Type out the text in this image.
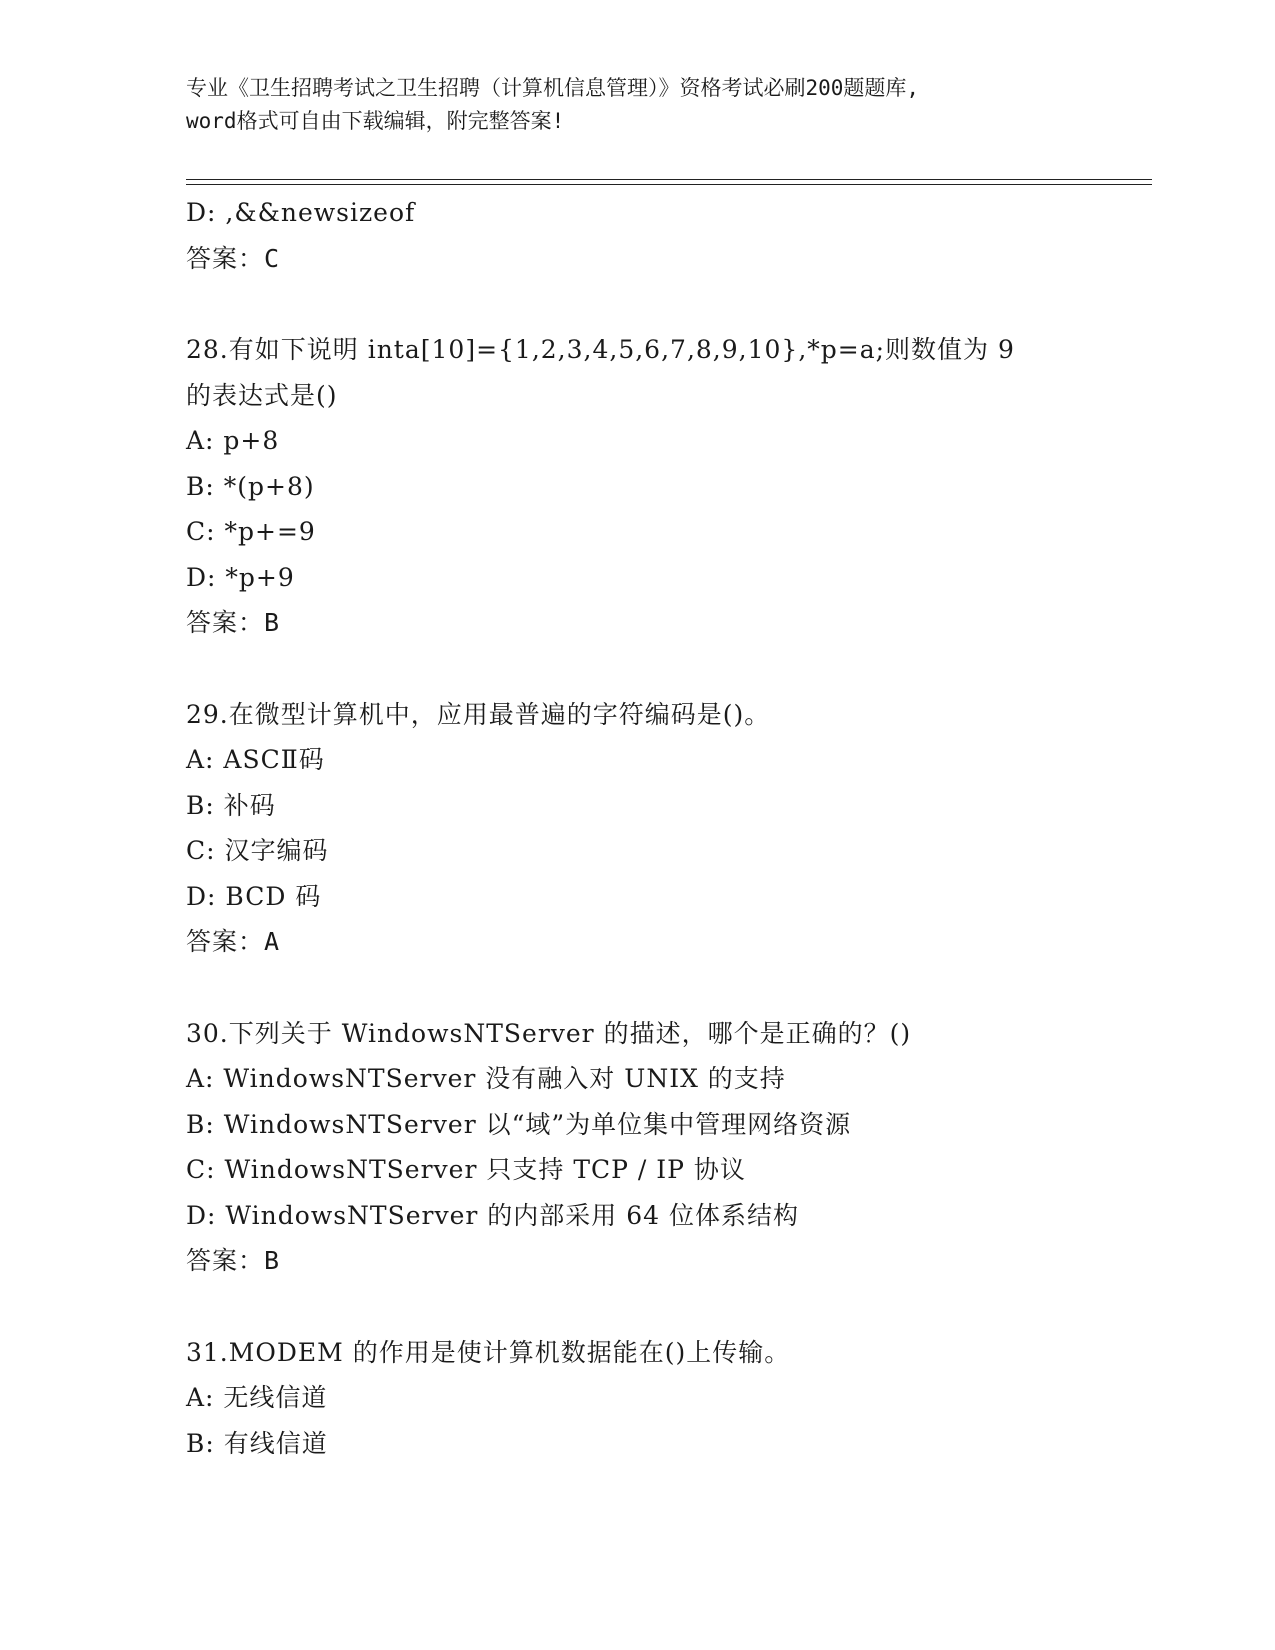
专业《卫生招聘考试之卫生招聘（计算机信息管理）》资格考试必刷200题题库,
word格式可自由下载编辑，附完整答案!
D: ,&&newsizeof
答案：C
28.有如下说明 inta[10]={1,2,3,4,5,6,7,8,9,10},*p=a;则数值为 9
的表达式是()
A: p+8
B: *(p+8)
C: *p+=9
D: *p+9
答案：B
29.在微型计算机中，应用最普遍的字符编码是()。
A: ASCⅡ码
B: 补码
C: 汉字编码
D: BCD 码
答案：A
30.下列关于 WindowsNTServer 的描述，哪个是正确的？()
A: WindowsNTServer 没有融入对 UNIX 的支持
B: WindowsNTServer 以“域”为单位集中管理网络资源
C: WindowsNTServer 只支持 TCP / IP 协议
D: WindowsNTServer 的内部采用 64 位体系结构
答案：B
31.MODEM 的作用是使计算机数据能在()上传输。
A: 无线信道
B: 有线信道
